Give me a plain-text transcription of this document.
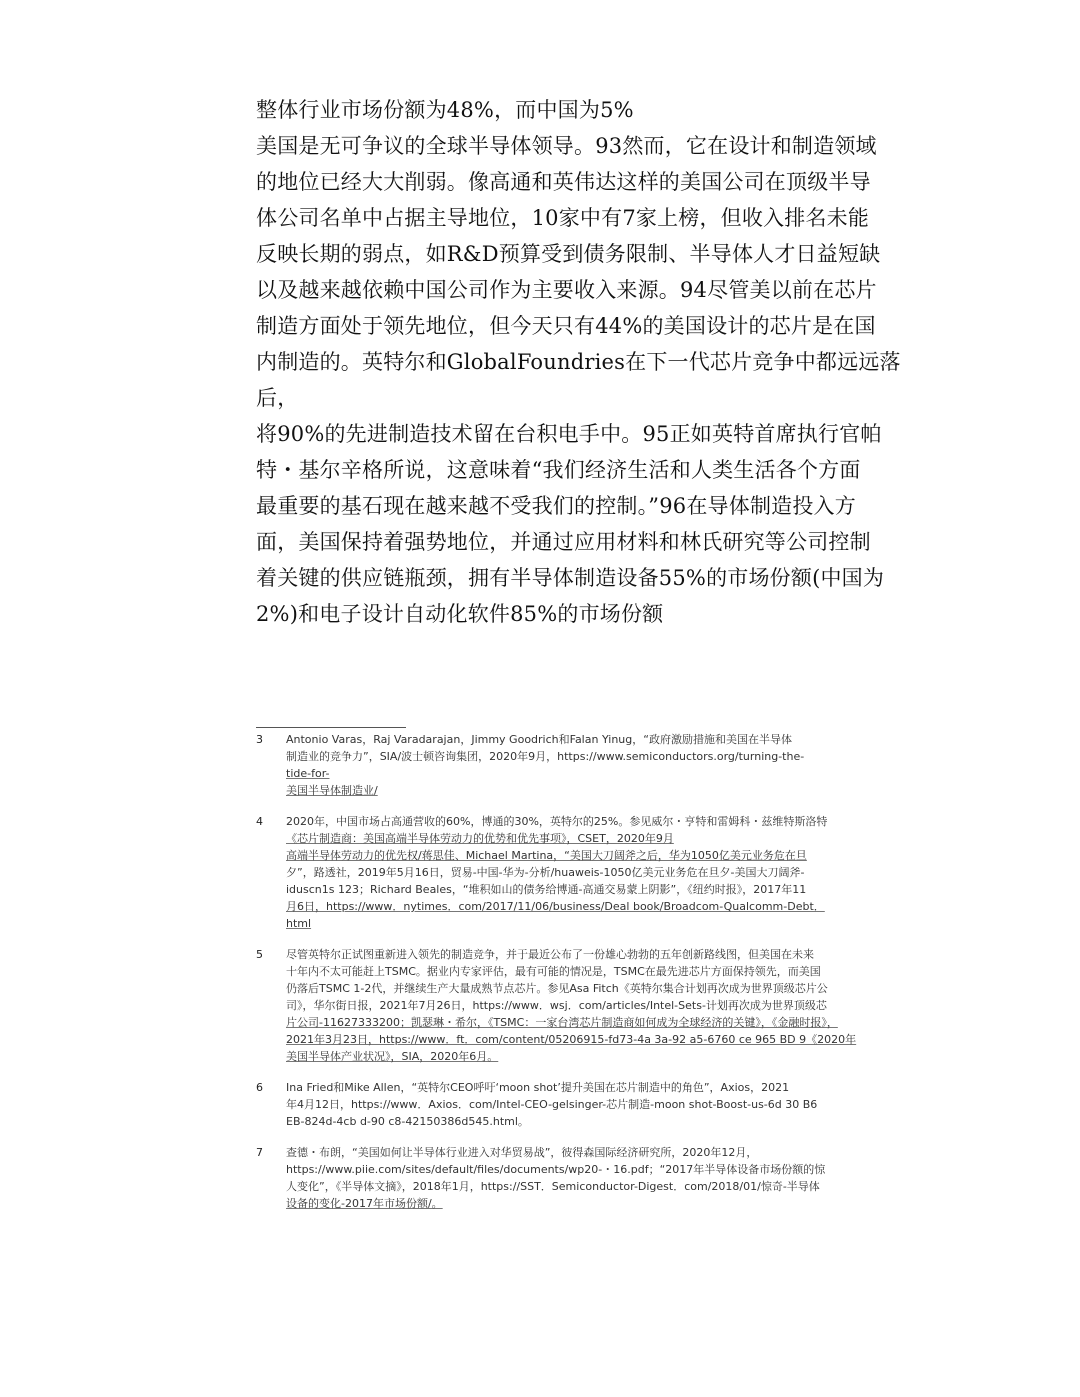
整体行业市场份额为48%，而中国为5%
美国是无可争议的全球半导体领导。93然而，它在设计和制造领域
的地位已经大大削弱。像高通和英伟达这样的美国公司在顶级半导
体公司名单中占据主导地位，10家中有7家上榜，但收入排名未能
反映长期的弱点，如R&D预算受到债务限制、半导体人才日益短缺
以及越来越依赖中国公司作为主要收入来源。94尽管美以前在芯片
制造方面处于领先地位，但今天只有44%的美国设计的芯片是在国
内制造的。英特尔和GlobalFoundries在下一代芯片竞争中都远远落
后，
将90%的先进制造技术留在台积电手中。95正如英特首席执行官帕
特・基尔辛格所说，这意味着“我们经济生活和人类生活各个方面
最重要的基石现在越来越不受我们的控制。”96在导体制造投入方
面，美国保持着强势地位，并通过应用材料和林氏研究等公司控制
着关键的供应链瓶颈，拥有半导体制造设备55%的市场份额(中国为
2%)和电子设计自动化软件85%的市场份额
3	Antonio Varas，Raj Varadarajan，Jimmy Goodrich和Falan Yinug，“政府激励措施和美国在半导体
制造业的竞争力”，SIA/波士顿咨询集团，2020年9月，https://www.semiconductors.org/turning-the-
tide-for-
美国半导体制造业/
4	2020年，中国市场占高通营收的60%，博通的30%，英特尔的25%。参见威尔・亨特和雷姆科・兹维特斯洛特
《芯片制造商：美国高端半导体劳动力的优势和优先事项》，CSET，2020年9月
高端半导体劳动力的优先权/蒋思佳、Michael Martina，“美国大刀阔斧之后，华为1050亿美元业务危在旦
夕”，路透社，2019年5月16日，贸易-中国-华为-分析/huaweis-1050亿美元业务危在旦夕-美国大刀阔斧-
iduscn1s 123；Richard Beales，“堆积如山的债务给博通-高通交易蒙上阴影”，《纽约时报》，2017年11
月6日，https://www．nytimes．com/2017/11/06/business/Deal book/Broadcom-Qualcomm-Debt．
html
5	尽管英特尔正试图重新进入领先的制造竞争，并于最近公布了一份雄心勃勃的五年创新路线图，但美国在未来
十年内不太可能赶上TSMC。据业内专家评估，最有可能的情况是，TSMC在最先进芯片方面保持领先，而美国
仍落后TSMC 1-2代，并继续生产大量成熟节点芯片。参见Asa Fitch《英特尔集合计划再次成为世界顶级芯片公
司》，华尔街日报，2021年7月26日，https://www．wsj．com/articles/Intel-Sets-计划再次成为世界顶级芯
片公司-11627333200；凯瑟琳・希尔，《TSMC：一家台湾芯片制造商如何成为全球经济的关键》，《金融时报》，
2021年3月23日，https://www．ft．com/content/05206915-fd73-4a 3a-92 a5-6760 ce 965 BD 9《2020年
美国半导体产业状况》，SIA，2020年6月。
6	Ina Fried和Mike Allen，“英特尔CEO呼吁‘moon shot’提升美国在芯片制造中的角色”，Axios，2021
年4月12日，https://www．Axios．com/Intel-CEO-gelsinger-芯片制造-moon shot-Boost-us-6d 30 B6
EB-824d-4cb d-90 c8-42150386d545.html。
7	查德・布朗，“美国如何让半导体行业进入对华贸易战”，彼得森国际经济研究所，2020年12月，
https://www.piie.com/sites/default/files/documents/wp20-・16.pdf；“2017年半导体设备市场份额的惊
人变化”，《半导体文摘》，2018年1月，https://SST．Semiconductor-Digest．com/2018/01/惊奇-半导体
设备的变化-2017年市场份额/。
